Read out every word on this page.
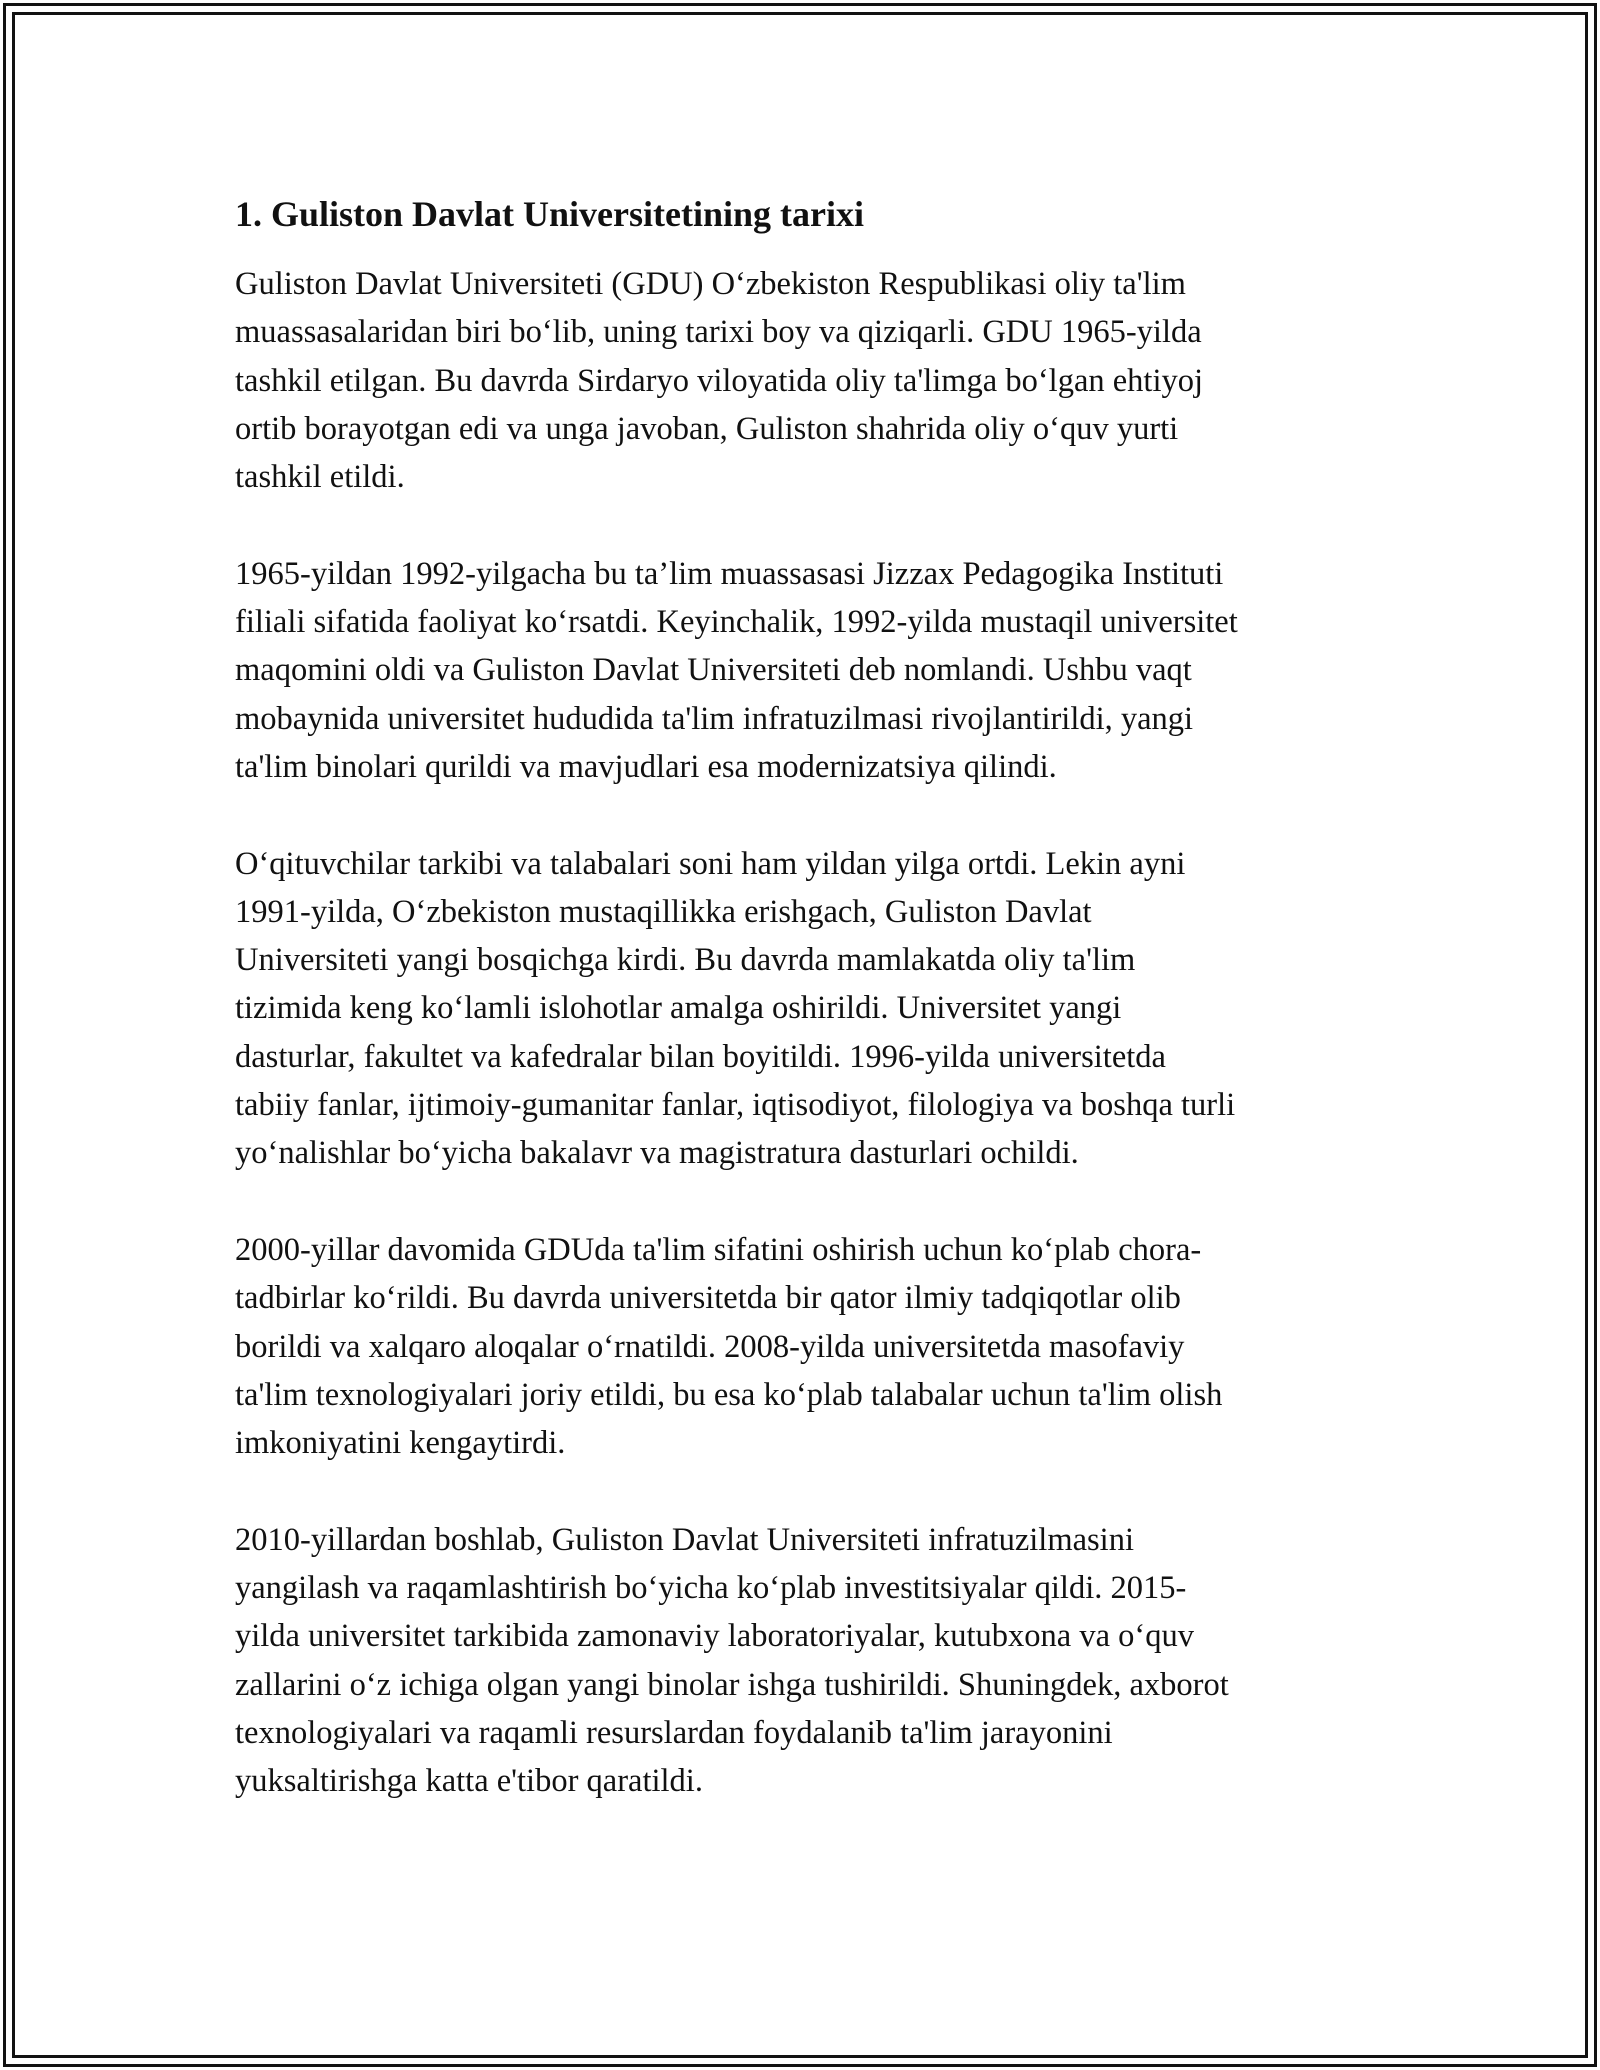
1. Guliston Davlat Universitetining tarixi
Guliston Davlat Universiteti (GDU) O‘zbekiston Respublikasi oliy ta'lim
muassasalaridan biri bo‘lib, uning tarixi boy va qiziqarli. GDU 1965-yilda
tashkil etilgan. Bu davrda Sirdaryo viloyatida oliy ta'limga bo‘lgan ehtiyoj
ortib borayotgan edi va unga javoban, Guliston shahrida oliy o‘quv yurti
tashkil etildi.
1965-yildan 1992-yilgacha bu ta’lim muassasasi Jizzax Pedagogika Instituti
filiali sifatida faoliyat ko‘rsatdi. Keyinchalik, 1992-yilda mustaqil universitet
maqomini oldi va Guliston Davlat Universiteti deb nomlandi. Ushbu vaqt
mobaynida universitet hududida ta'lim infratuzilmasi rivojlantirildi, yangi
ta'lim binolari qurildi va mavjudlari esa modernizatsiya qilindi.
O‘qituvchilar tarkibi va talabalari soni ham yildan yilga ortdi. Lekin ayni
1991-yilda, O‘zbekiston mustaqillikka erishgach, Guliston Davlat
Universiteti yangi bosqichga kirdi. Bu davrda mamlakatda oliy ta'lim
tizimida keng ko‘lamli islohotlar amalga oshirildi. Universitet yangi
dasturlar, fakultet va kafedralar bilan boyitildi. 1996-yilda universitetda
tabiiy fanlar, ijtimoiy-gumanitar fanlar, iqtisodiyot, filologiya va boshqa turli
yo‘nalishlar bo‘yicha bakalavr va magistratura dasturlari ochildi.
2000-yillar davomida GDUda ta'lim sifatini oshirish uchun ko‘plab chora-
tadbirlar ko‘rildi. Bu davrda universitetda bir qator ilmiy tadqiqotlar olib
borildi va xalqaro aloqalar o‘rnatildi. 2008-yilda universitetda masofaviy
ta'lim texnologiyalari joriy etildi, bu esa ko‘plab talabalar uchun ta'lim olish
imkoniyatini kengaytirdi.
2010-yillardan boshlab, Guliston Davlat Universiteti infratuzilmasini
yangilash va raqamlashtirish bo‘yicha ko‘plab investitsiyalar qildi. 2015-
yilda universitet tarkibida zamonaviy laboratoriyalar, kutubxona va o‘quv
zallarini o‘z ichiga olgan yangi binolar ishga tushirildi. Shuningdek, axborot
texnologiyalari va raqamli resurslardan foydalanib ta'lim jarayonini
yuksaltirishga katta e'tibor qaratildi.
